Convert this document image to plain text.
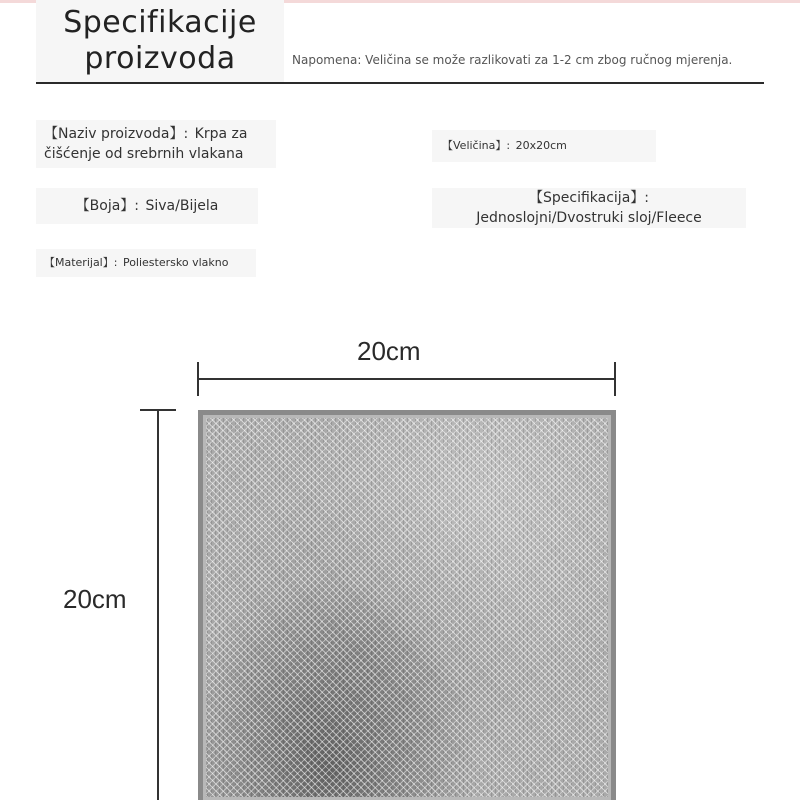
Specifikacije
proizvoda	Napomena: Veličina se može razlikovati za 1-2 cm zbog ručnog mjerenja.
【Naziv proizvoda】: Krpa za čišćenje od srebrnih vlakana
【Veličina】: 20x20cm
【Boja】: Siva/Bijela	【Specifikacija】:
Jednoslojni/Dvostruki sloj/Fleece
【Materijal】: Poliestersko vlakno
20cm
20cm
